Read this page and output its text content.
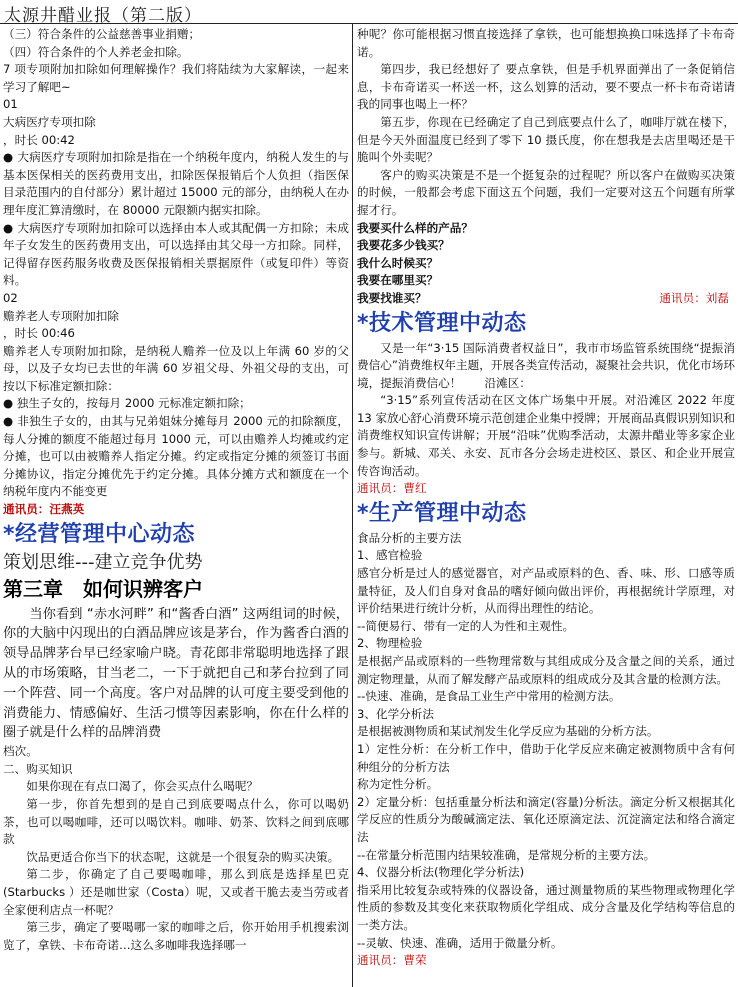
太源井醋业报（第二版）

（三）符合条件的公益慈善事业捐赠；

（四）符合条件的个人养老金扣除。

7 项专项附加扣除如何理解操作？我们将陆续为大家解读，一起来学习了解吧~

01

大病医疗专项扣除

，时长 00:42

● 大病医疗专项附加扣除是指在一个纳税年度内，纳税人发生的与基本医保相关的医药费用支出，扣除医保报销后个人负担（指医保目录范围内的自付部分）累计超过 15000 元的部分，由纳税人在办理年度汇算清缴时，在 80000 元限额内据实扣除。

● 大病医疗专项附加扣除可以选择由本人或其配偶一方扣除；未成年子女发生的医药费用支出，可以选择由其父母一方扣除。同样，记得留存医药服务收费及医保报销相关票据原件（或复印件）等资料。

02

赡养老人专项附加扣除

，时长 00:46

赡养老人专项附加扣除，是纳税人赡养一位及以上年满 60 岁的父母，以及子女均已去世的年满 60 岁祖父母、外祖父母的支出，可按以下标准定额扣除：

● 独生子女的，按每月 2000 元标准定额扣除；

● 非独生子女的，由其与兄弟姐妹分摊每月 2000 元的扣除额度，每人分摊的额度不能超过每月 1000 元，可以由赡养人均摊或约定分摊，也可以由被赡养人指定分摊。约定或指定分摊的须签订书面分摊协议，指定分摊优先于约定分摊。具体分摊方式和额度在一个纳税年度内不能变更

通讯员：汪燕英

*经营管理中心动态
策划思维---建立竞争优势
第三章　如何识辨客户

当你看到 “赤水河畔” 和“酱香白酒” 这两组词的时候，你的大脑中闪现出的白酒品牌应该是茅台，作为酱香白酒的领导品牌茅台早已经家喻户晓。青花郎非常聪明地选择了跟从的市场策略，甘当老二，一下于就把自己和茅台拉到了同一个阵营、同一个高度。客户对品牌的认可度主要受到他的消费能力、情感偏好、生活刁惯等因素影响，你在什么样的圈子就是什么样的品牌消费

档次。

二、购买知识

如果你现在有点口渴了，你会买点什么喝呢？

第一步，你首先想到的是自己到底要喝点什么，你可以喝奶茶，也可以喝咖啡，还可以喝饮料。咖啡、奶茶、饮料之间到底哪款

饮品更适合你当下的状态呢，这就是一个很复杂的购买决策。

第二步，你确定了自己要喝咖啡，那么到底是选择星巴克(Starbucks ）还是咖世家（Costa）呢，又或者干脆去麦当劳或者全家便利店点一杯呢？

第三步，确定了要喝哪一家的咖啡之后，你开始用手机搜索浏览了，拿铁、卡布奇诺…这么多咖啡我选择哪一

种呢？你可能根据习惯直接选择了拿铁，也可能想换换口味选择了卡布奇诺。

第四步，我已经想好了 要点拿铁，但是手机界面弹出了一条促销信息，卡布奇诺买一杯送一杯，这么划算的活动，要不要点一杯卡布奇诺请我的同事也喝上一杯？

第五步，你现在已经确定了自己到底要点什么了，咖啡厅就在楼下，但是今天外面温度已经到了零下 10 摄氏度，你在想我是去店里喝还是干脆叫个外卖呢？

客户的购买决策是不是一个挺复杂的过程呢？所以客户在做购买决策的时候，一般都会考虑下面这五个问题，我们一定要对这五个问题有所掌握才行。

我要买什么样的产品？

我要花多少钱买？

我什么时候买？

我要在哪里买？

我要找谁买？	通讯员：刘磊
*技术管理中动态

又是一年“3·15 国际消费者权益日”，我市市场监管系统围绕“提振消费信心”消费维权年主题，开展各类宣传活动，凝聚社会共识，优化市场环境，提振消费信心！　　沿滩区：

“3·15”系列宣传活动在区文体广场集中开展。对沿滩区 2022 年度 13 家放心舒心消费环境示范创建企业集中授牌；开展商品真假识别知识和消费维权知识宣传讲解；开展“沿味”优购季活动，太源井醋业等多家企业参与。新城、邓关、永安、瓦市各分会场走进校区、景区、和企业开展宣传咨询活动。

通讯员：曹红

*生产管理中动态

食品分析的主要方法

1、感官检验

感官分析是过人的感觉器官，对产品或原料的色、香、味、形、口感等质量特征，及人们自身对食品的嗜好倾向做出评价，再根据统计学原理，对评价结果进行统计分析，从而得出理性的结论。

--简便易行、带有一定的人为性和主观性。

2、物理检验

是根据产品或原料的一些物理常数与其组成成分及含量之间的关系，通过测定物理量，从而了解发酵产品或原料的组成成分及其含量的检测方法。

--快速、准确，是食品工业生产中常用的检测方法。

3、化学分析法

是根据被测物质和某试剂发生化学反应为基础的分析方法。

1）定性分析：在分析工作中，借助于化学反应来确定被测物质中含有何种组分的分析方法

称为定性分析。

2）定量分析：包括重量分析法和滴定(容量)分析法。滴定分析又根据其化学反应的性质分为酸碱滴定法、氧化还原滴定法、沉淀滴定法和络合滴定法

--在常量分析范围内结果较准确，是常规分析的主要方法。

4、仪器分析法(物理化学分析法)

指采用比较复杂或特殊的仪器设备，通过测量物质的某些物理或物理化学性质的参数及其变化来获取物质化学组成、成分含量及化学结构等信息的一类方法。

--灵敏、快速、准确，适用于微量分析。

通讯员：曹荣
